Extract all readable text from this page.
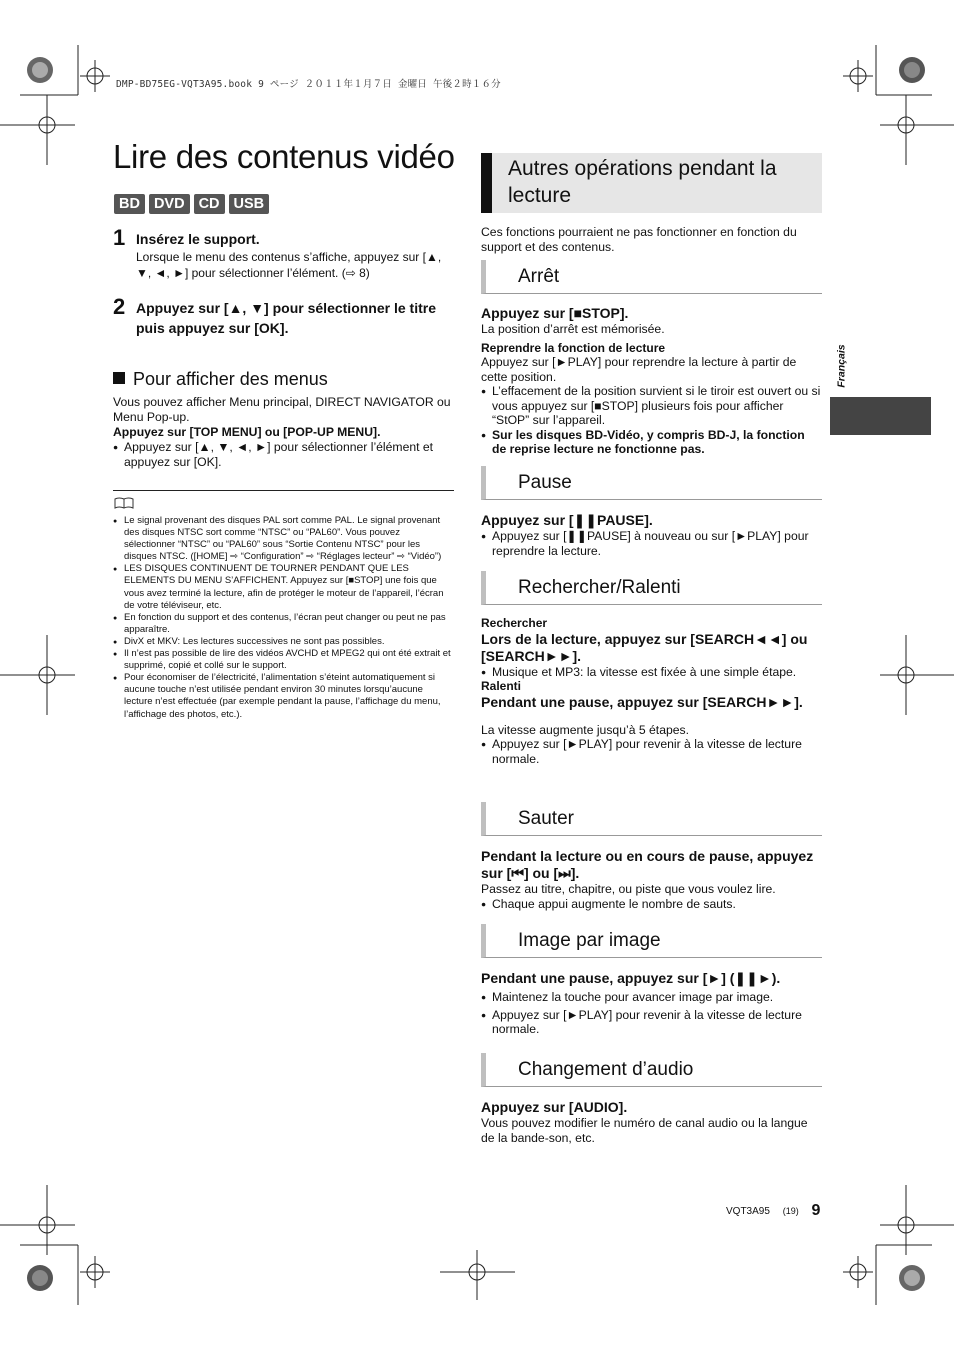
DMP-BD75EG-VQT3A95.book 9 ページ ２０１１年１月７日 金曜日 午後２時１６分
Lire des contenus vidéo
BD DVD CD USB
1 Insérez le support.
Lorsque le menu des contenus s’affiche, appuyez sur [▲, ▼, ◄, ►] pour sélectionner l’élément. (⇨ 8)
2 Appuyez sur [▲, ▼] pour sélectionner le titre puis appuyez sur [OK].
Pour afficher des menus
Vous pouvez afficher Menu principal, DIRECT NAVIGATOR ou Menu Pop-up.
Appuyez sur [TOP MENU] ou [POP-UP MENU].
● Appuyez sur [▲, ▼, ◄, ►] pour sélectionner l’élément et appuyez sur [OK].
● Le signal provenant des disques PAL sort comme PAL. Le signal provenant des disques NTSC sort comme “NTSC” ou “PAL60”. Vous pouvez sélectionner “NTSC” ou “PAL60” sous “Sortie Contenu NTSC” pour les disques NTSC. ([HOME] ⇨ “Configuration” ⇨ “Réglages lecteur” ⇨ “Vidéo”)
● LES DISQUES CONTINUENT DE TOURNER PENDANT QUE LES ELEMENTS DU MENU S’AFFICHENT. Appuyez sur [■STOP] une fois que vous avez terminé la lecture, afin de protéger le moteur de l’appareil, l’écran de votre téléviseur, etc.
● En fonction du support et des contenus, l’écran peut changer ou peut ne pas apparaître.
● DivX et MKV: Les lectures successives ne sont pas possibles.
● Il n’est pas possible de lire des vidéos AVCHD et MPEG2 qui ont été extrait et supprimé, copié et collé sur le support.
● Pour économiser de l’électricité, l’alimentation s’éteint automatiquement si aucune touche n’est utilisée pendant environ 30 minutes lorsqu’aucune lecture n’est effectuée (par exemple pendant la pause, l’affichage du menu, l’affichage des photos, etc.).
Autres opérations pendant la lecture
Ces fonctions pourraient ne pas fonctionner en fonction du support et des contenus.
Arrêt
Appuyez sur [■STOP].
La position d’arrêt est mémorisée.
Reprendre la fonction de lecture
Appuyez sur [►PLAY] pour reprendre la lecture à partir de cette position.
● L’effacement de la position survient si le tiroir est ouvert ou si vous appuyez sur [■STOP] plusieurs fois pour afficher “StOP” sur l’appareil.
● Sur les disques BD-Vidéo, y compris BD-J, la fonction de reprise lecture ne fonctionne pas.
Pause
Appuyez sur [❚❚PAUSE].
● Appuyez sur [❚❚PAUSE] à nouveau ou sur [►PLAY] pour reprendre la lecture.
Rechercher/Ralenti
Rechercher
Lors de la lecture, appuyez sur [SEARCH◄◄] ou [SEARCH►►].
● Musique et MP3: la vitesse est fixée à une simple étape.
Ralenti
Pendant une pause, appuyez sur [SEARCH►►].
La vitesse augmente jusqu’à 5 étapes.
● Appuyez sur [►PLAY] pour revenir à la vitesse de lecture normale.
Sauter
Pendant la lecture ou en cours de pause, appuyez sur [⏮] ou [⏭].
Passez au titre, chapitre, ou piste que vous voulez lire.
● Chaque appui augmente le nombre de sauts.
Image par image
Pendant une pause, appuyez sur [►] (❚❚►).
● Maintenez la touche pour avancer image par image.
● Appuyez sur [►PLAY] pour revenir à la vitesse de lecture normale.
Changement d’audio
Appuyez sur [AUDIO].
Vous pouvez modifier le numéro de canal audio ou la langue de la bande-son, etc.
Français
VQT3A95 (19) 9
